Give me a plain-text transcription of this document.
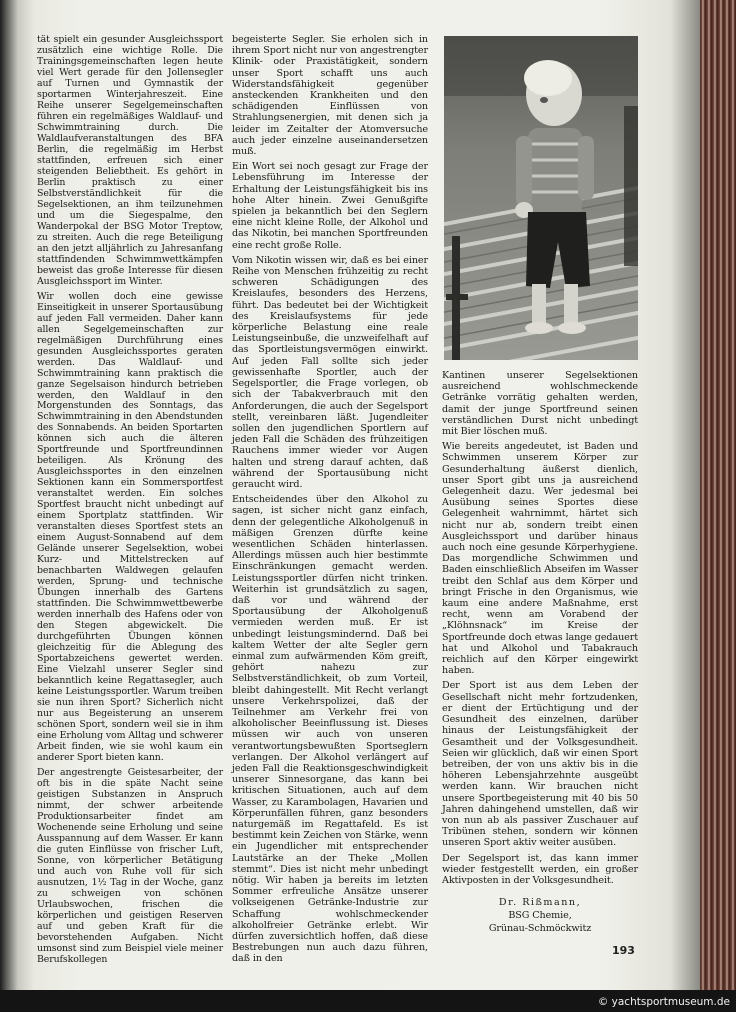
tät spielt ein gesunder Ausgleichssport zusätzlich eine wichtige Rolle. Die Trainingsgemeinschaften legen heute viel Wert gerade für den Jollensegler auf Turnen und Gymnastik der sportarmen Winterjahreszeit. Eine Reihe unserer Segelgemeinschaften führen ein regelmäßiges Waldlauf- und Schwimmtraining durch. Die Waldlaufveranstaltungen des BFA Berlin, die regelmäßig im Herbst stattfinden, erfreuen sich einer steigenden Beliebtheit. Es gehört in Berlin praktisch zu einer Selbstverständlichkeit für die Segelsektionen, an ihm teilzunehmen und um die Siegespalme, den Wanderpokal der BSG Motor Treptow, zu streiten. Auch die rege Beteiligung an den jetzt alljährlich zu Jahresanfang stattfindenden Schwimmwettkämpfen beweist das große Interesse für diesen Ausgleichssport im Winter.

Wir wollen doch eine gewisse Einseitigkeit in unserer Sportausübung auf jeden Fall vermeiden. Daher kann allen Segelgemeinschaften zur regelmäßigen Durchführung eines gesunden Ausgleichssportes geraten werden. Das Waldlauf- und Schwimmtraining kann praktisch die ganze Segelsaison hindurch betrieben werden, den Waldlauf in den Morgenstunden des Sonntags, das Schwimmtraining in den Abendstunden des Sonnabends. An beiden Sportarten können sich auch die älteren Sportfreunde und Sportfreundinnen beteiligen. Als Krönung des Ausgleichssportes in den einzelnen Sektionen kann ein Sommersportfest veranstaltet werden. Ein solches Sportfest braucht nicht unbedingt auf einem Sportplatz stattfinden. Wir veranstalten dieses Sportfest stets an einem August-Sonnabend auf dem Gelände unserer Segelsektion, wobei Kurz- und Mittelstrecken auf benachbarten Waldwegen gelaufen werden, Sprung- und technische Übungen innerhalb des Gartens stattfinden. Die Schwimmwettbewerbe werden innerhalb des Hafens oder von den Stegen abgewickelt. Die durchgeführten Übungen können gleichzeitig für die Ablegung des Sportabzeichens gewertet werden. Eine Vielzahl unserer Segler sind bekanntlich keine Regattasegler, auch keine Leistungssportler. Warum treiben sie nun ihren Sport? Sicherlich nicht nur aus Begeisterung an unserem schönen Sport, sondern weil sie in ihm eine Erholung vom Alltag und schwerer Arbeit finden, wie sie wohl kaum ein anderer Sport bieten kann.

Der angestrengte Geistesarbeiter, der oft bis in die späte Nacht seine geistigen Substanzen in Anspruch nimmt, der schwer arbeitende Produktionsarbeiter findet am Wochenende seine Erholung und seine Ausspannung auf dem Wasser. Er kann die guten Einflüsse von frischer Luft, Sonne, von körperlicher Betätigung und auch von Ruhe voll für sich ausnutzen, 1½ Tag in der Woche, ganz zu schweigen von schönen Urlaubswochen, frischen die körperlichen und geistigen Reserven auf und geben Kraft für die bevorstehenden Aufgaben. Nicht umsonst sind zum Beispiel viele meiner Berufskollegen

begeisterte Segler. Sie erholen sich in ihrem Sport nicht nur von angestrengter Klinik- oder Praxistätigkeit, sondern unser Sport schafft uns auch Widerstandsfähigkeit gegenüber ansteckenden Krankheiten und den schädigenden Einflüssen von Strahlungsenergien, mit denen sich ja leider im Zeitalter der Atomversuche auch jeder einzelne auseinandersetzen muß.

Ein Wort sei noch gesagt zur Frage der Lebensführung im Interesse der Erhaltung der Leistungsfähigkeit bis ins hohe Alter hinein. Zwei Genußgifte spielen ja bekanntlich bei den Seglern eine nicht kleine Rolle, der Alkohol und das Nikotin, bei manchen Sportfreunden eine recht große Rolle.

Vom Nikotin wissen wir, daß es bei einer Reihe von Menschen frühzeitig zu recht schweren Schädigungen des Kreislaufes, besonders des Herzens, führt. Das bedeutet bei der Wichtigkeit des Kreislaufsystems für jede körperliche Belastung eine reale Leistungseinbuße, die unzweifelhaft auf das Sportleistungsvermögen einwirkt. Auf jeden Fall sollte sich jeder gewissenhafte Sportler, auch der Segelsportler, die Frage vorlegen, ob sich der Tabakverbrauch mit den Anforderungen, die auch der Segelsport stellt, vereinbaren läßt. Jugendleiter sollen den jugendlichen Sportlern auf jeden Fall die Schäden des frühzeitigen Rauchens immer wieder vor Augen halten und streng darauf achten, daß während der Sportausübung nicht geraucht wird.

Entscheidendes über den Alkohol zu sagen, ist sicher nicht ganz einfach, denn der gelegentliche Alkoholgenuß in mäßigen Grenzen dürfte keine wesentlichen Schäden hinterlassen. Allerdings müssen auch hier bestimmte Einschränkungen gemacht werden. Leistungssportler dürfen nicht trinken. Weiterhin ist grundsätzlich zu sagen, daß vor und während der Sportausübung der Alkoholgenuß vermieden werden muß. Er ist unbedingt leistungsmindernd. Daß bei kaltem Wetter der alte Segler gern einmal zum aufwärmenden Köm greift, gehört nahezu zur Selbstverständlichkeit, ob zum Vorteil, bleibt dahingestellt. Mit Recht verlangt unsere Verkehrspolizei, daß der Teilnehmer am Verkehr frei von alkoholischer Beeinflussung ist. Dieses müssen wir auch von unseren verantwortungsbewußten Sportseglern verlangen. Der Alkohol verlängert auf jeden Fall die Reaktionsgeschwindigkeit unserer Sinnesorgane, das kann bei kritischen Situationen, auch auf dem Wasser, zu Karambolagen, Havarien und Körperunfällen führen, ganz besonders naturgemäß im Regattafeld. Es ist bestimmt kein Zeichen von Stärke, wenn ein Jugendlicher mit entsprechender Lautstärke an der Theke „Mollen stemmt“. Dies ist nicht mehr unbedingt nötig. Wir haben ja bereits im letzten Sommer erfreuliche Ansätze unserer volkseigenen Getränke-Industrie zur Schaffung wohlschmeckender alkoholfreier Getränke erlebt. Wir dürfen zuversichtlich hoffen, daß diese Bestrebungen nun auch dazu führen, daß in den

Kantinen unserer Segelsektionen ausreichend wohlschmeckende Getränke vorrätig gehalten werden, damit der junge Sportfreund seinen verständlichen Durst nicht unbedingt mit Bier löschen muß.

Wie bereits angedeutet, ist Baden und Schwimmen unserem Körper zur Gesunderhaltung äußerst dienlich, unser Sport gibt uns ja ausreichend Gelegenheit dazu. Wer jedesmal bei Ausübung seines Sportes diese Gelegenheit wahrnimmt, härtet sich nicht nur ab, sondern treibt einen Ausgleichssport und darüber hinaus auch noch eine gesunde Körperhygiene. Das morgendliche Schwimmen und Baden einschließlich Abseifen im Wasser treibt den Schlaf aus dem Körper und bringt Frische in den Organismus, wie kaum eine andere Maßnahme, erst recht, wenn am Vorabend der „Klöhnsnack“ im Kreise der Sportfreunde doch etwas lange gedauert hat und Alkohol und Tabakrauch reichlich auf den Körper eingewirkt haben.

Der Sport ist aus dem Leben der Gesellschaft nicht mehr fortzudenken, er dient der Ertüchtigung und der Gesundheit des einzelnen, darüber hinaus der Leistungsfähigkeit der Gesamtheit und der Volksgesundheit. Seien wir glücklich, daß wir einen Sport betreiben, der von uns aktiv bis in die höheren Lebensjahrzehnte ausgeübt werden kann. Wir brauchen nicht unsere Sportbegeisterung mit 40 bis 50 Jahren dahingehend umstellen, daß wir von nun ab als passiver Zuschauer auf Tribünen stehen, sondern wir können unseren Sport aktiv weiter ausüben.

Der Segelsport ist, das kann immer wieder festgestellt werden, ein großer Aktivposten in der Volksgesundheit.

Dr. Rißmann,
BSG Chemie,
Grünau-Schmöckwitz
193
© yachtsportmuseum.de
